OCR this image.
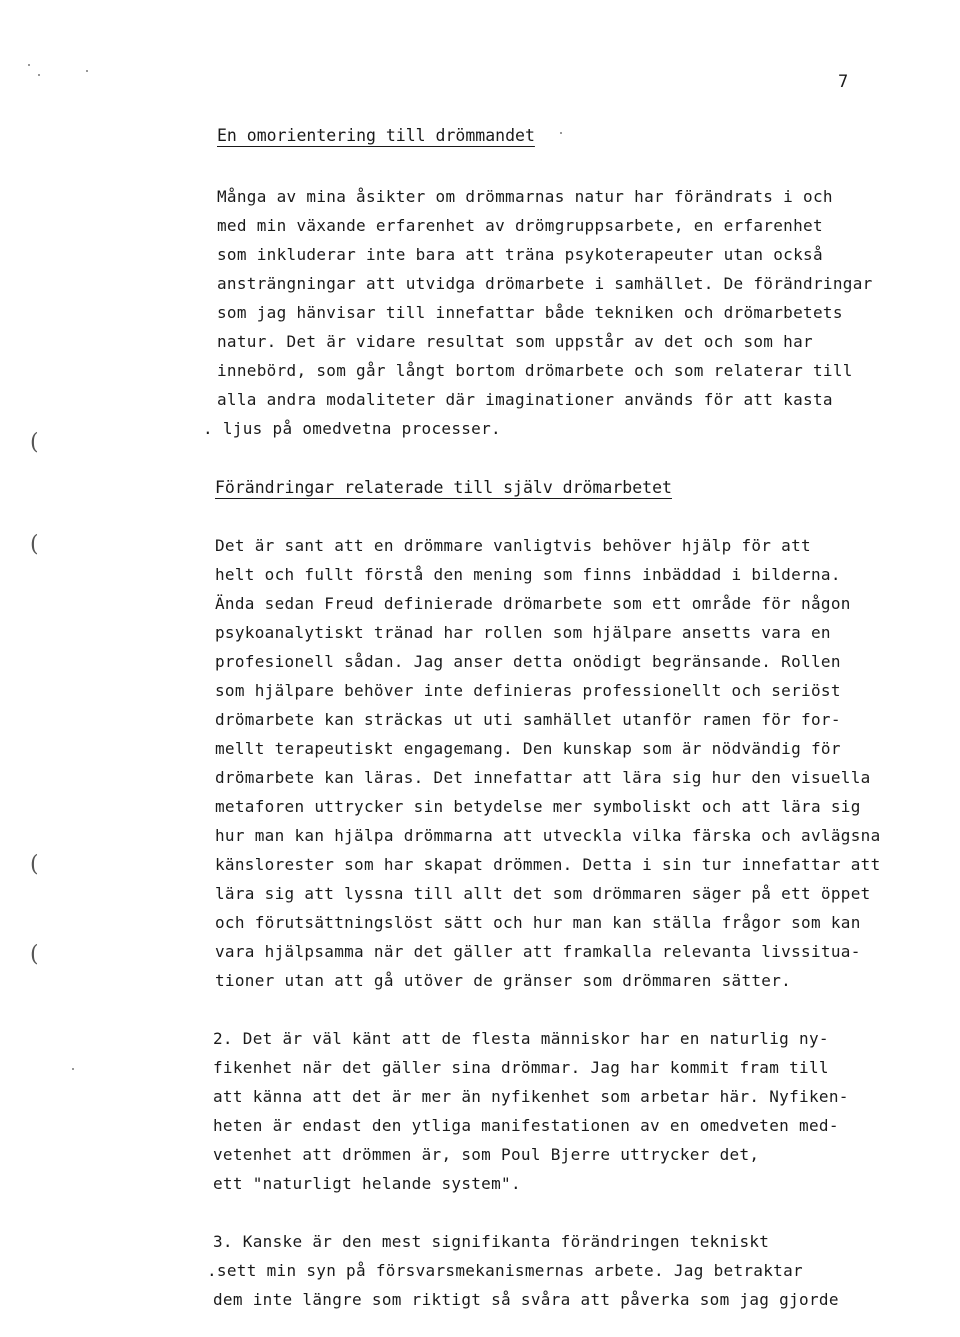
7
En omorientering till drömmandet
Många av mina åsikter om drömmarnas natur har förändrats i och
med min växande erfarenhet av drömgruppsarbete, en erfarenhet
som inkluderar inte bara att träna psykoterapeuter utan också
ansträngningar att utvidga drömarbete i samhället. De förändringar
som jag hänvisar till innefattar både tekniken och drömarbetets
natur. Det är vidare resultat som uppstår av det och som har
innebörd, som går långt bortom drömarbete och som relaterar till
alla andra modaliteter där imaginationer används för att kasta
. ljus på omedvetna processer.
Förändringar relaterade till själv drömarbetet
Det är sant att en drömmare vanligtvis behöver hjälp för att
helt och fullt förstå den mening som finns inbäddad i bilderna.
Ända sedan Freud definierade drömarbete som ett område för någon
psykoanalytiskt tränad har rollen som hjälpare ansetts vara en
profesionell sådan. Jag anser detta onödigt begränsande. Rollen
som hjälpare behöver inte definieras professionellt och seriöst
drömarbete kan sträckas ut uti samhället utanför ramen för for-
mellt terapeutiskt engagemang. Den kunskap som är nödvändig för
drömarbete kan läras. Det innefattar att lära sig hur den visuella
metaforen uttrycker sin betydelse mer symboliskt och att lära sig
hur man kan hjälpa drömmarna att utveckla vilka färska och avlägsna
känslorester som har skapat drömmen. Detta i sin tur innefattar att
lära sig att lyssna till allt det som drömmaren säger på ett öppet
och förutsättningslöst sätt och hur man kan ställa frågor som kan
vara hjälpsamma när det gäller att framkalla relevanta livssitua-
tioner utan att gå utöver de gränser som drömmaren sätter.
2. Det är väl känt att de flesta människor har en naturlig ny-
fikenhet när det gäller sina drömmar. Jag har kommit fram till
att känna att det är mer än nyfikenhet som arbetar här. Nyfiken-
heten är endast den ytliga manifestationen av en omedveten med-
vetenhet att drömmen är, som Poul Bjerre uttrycker det,
ett "naturligt helande system".
3. Kanske är den mest signifikanta förändringen tekniskt
.sett min syn på försvarsmekanismernas arbete. Jag betraktar
dem inte längre som riktigt så svåra att påverka som jag gjorde
(
(
(
(
